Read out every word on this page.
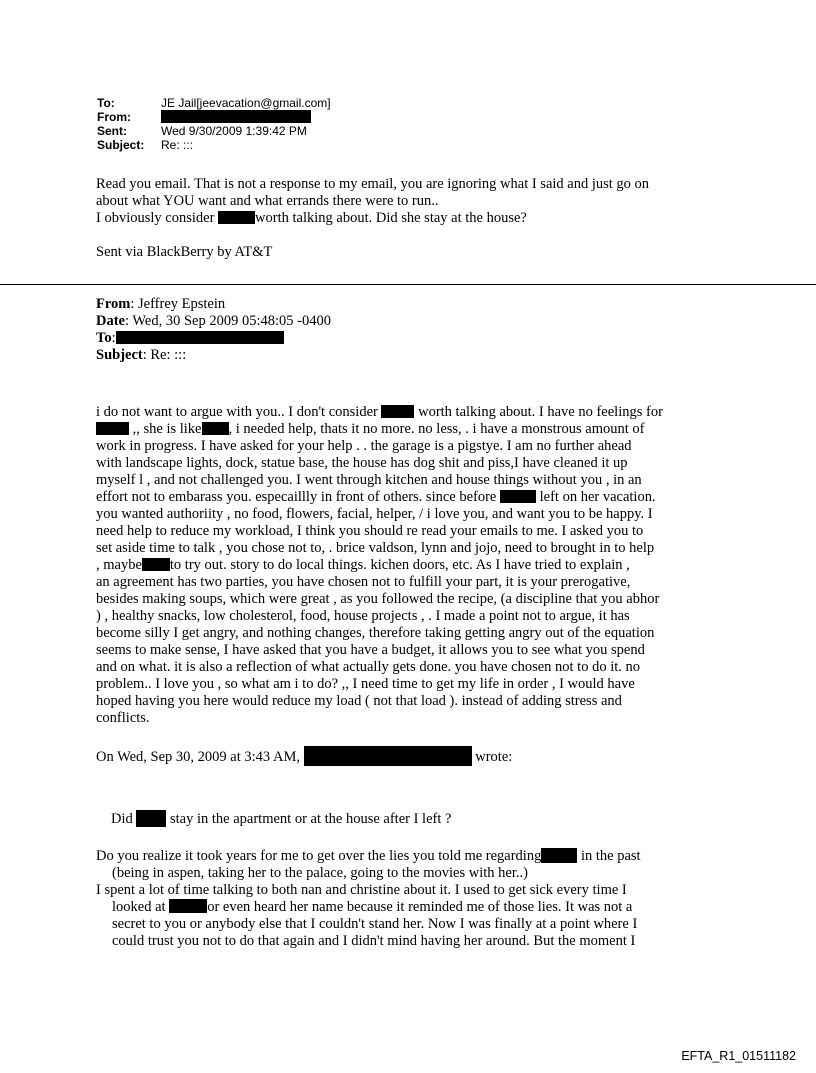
To:	JE Jail[jeevacation@gmail.com]
From:
Sent:	Wed 9/30/2009 1:39:42 PM
Subject:	Re: :::

Read you email. That is not a response to my email, you are ignoring what I said and just go on

about what YOU want and what errands there were to run..

I obviously consider	worth talking about. Did she stay at the house?

Sent via BlackBerry by AT&T

From: Jeffrey Epstein

Date: Wed, 30 Sep 2009 05:48:05 -0400

To:

Subject: Re: :::

i do not want to argue with you.. I don't consider	worth talking about. I have no feelings for

,, she is like , i needed help, thats it no more. no less, . i have a monstrous amount of

work in progress. I have asked for your help . . the garage is a pigstye. I am no further ahead

with landscape lights, dock, statue base, the house has dog shit and piss,I have cleaned it up

myself l , and not challenged you. I went through kitchen and house things without you , in an

effort not to embarass you. especaillly in front of others. since before	left on her vacation.

you wanted authoriity , no food, flowers, facial, helper, / i love you, and want you to be happy. I

need help to reduce my workload, I think you should re read your emails to me. I asked you to

set aside time to talk , you chose not to, . brice valdson, lynn and jojo, need to brought in to help

, maybe to try out. story to do local things. kichen doors, etc. As I have tried to explain ,

an agreement has two parties, you have chosen not to fulfill your part, it is your prerogative,

besides making soups, which were great , as you followed the recipe, (a discipline that you abhor

) , healthy snacks, low cholesterol, food, house projects , . I made a point not to argue, it has

become silly I get angry, and nothing changes, therefore taking getting angry out of the equation

seems to make sense, I have asked that you have a budget, it allows you to see what you spend

and on what. it is also a reflection of what actually gets done. you have chosen not to do it. no

problem.. I love you , so what am i to do? ,, I need time to get my life in order , I would have

hoped having you here would reduce my load ( not that load ). instead of adding stress and

conflicts.

On Wed, Sep 30, 2009 at 3:43 AM,	wrote:

Did	stay in the apartment or at the house after I left ?

Do you realize it took years for me to get over the lies you told me regarding	in the past

(being in aspen, taking her to the palace, going to the movies with her..)

I spent a lot of time talking to both nan and christine about it. I used to get sick every time I

looked at	or even heard her name because it reminded me of those lies. It was not a

secret to you or anybody else that I couldn't stand her. Now I was finally at a point where I

could trust you not to do that again and I didn't mind having her around. But the moment I

EFTA_R1_01511182
